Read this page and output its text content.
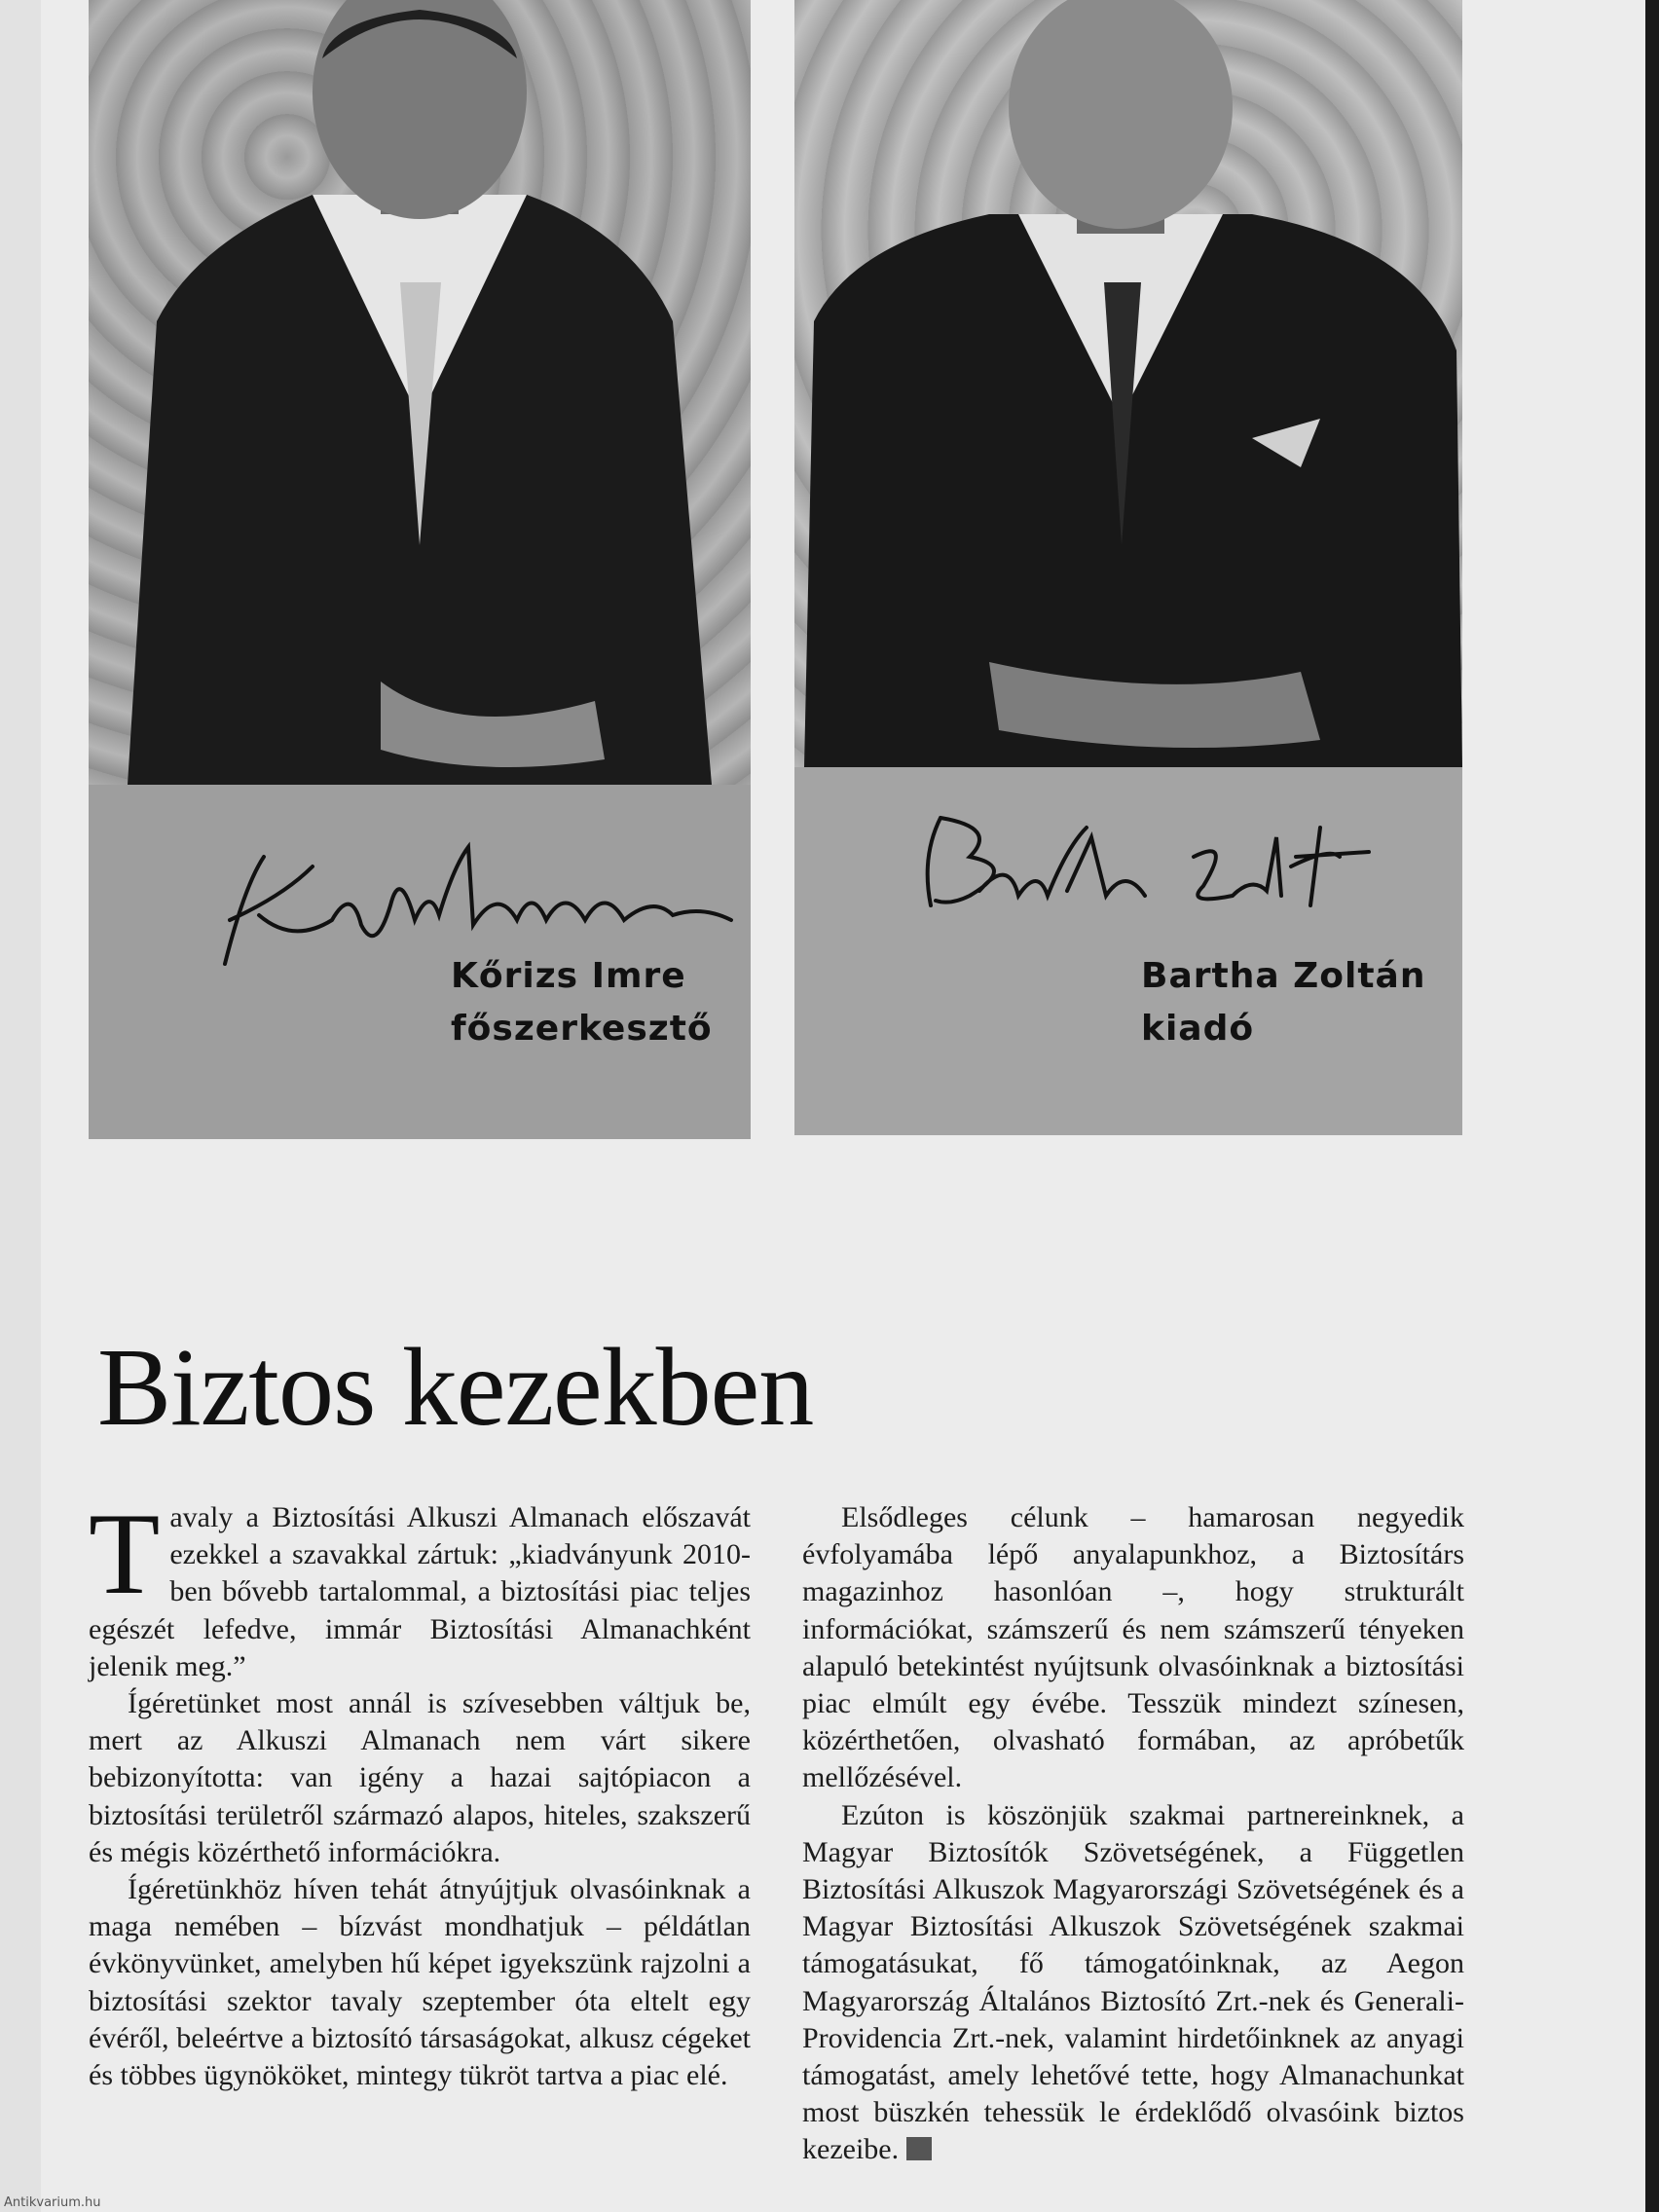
Kőrizs Imre
főszerkesztő
Bartha Zoltán
kiadó
Biztos kezekben

Tavaly a Biztosítási Alkuszi Almanach előszavát ezekkel a szavakkal zártuk: „kiadványunk 2010-ben bővebb tartalommal, a biztosítási piac teljes egészét lefedve, immár Biztosítási Almanachként jelenik meg.”

Ígéretünket most annál is szívesebben váltjuk be, mert az Alkuszi Almanach nem várt sikere bebizonyította: van igény a hazai sajtópiacon a biztosítási területről származó alapos, hiteles, szakszerű és mégis közérthető információkra.

Ígéretünkhöz híven tehát átnyújtjuk olvasóinknak a maga nemében – bízvást mondhatjuk – példátlan évkönyvünket, amelyben hű képet igyekszünk rajzolni a biztosítási szektor tavaly szeptember óta eltelt egy évéről, beleértve a biztosító társaságokat, alkusz cégeket és többes ügynököket, mintegy tükröt tartva a piac elé.

Elsődleges célunk – hamarosan negyedik évfolyamába lépő anyalapunkhoz, a Biztosítárs magazinhoz hasonlóan –, hogy strukturált információkat, számszerű és nem számszerű tényeken alapuló betekintést nyújtsunk olvasóinknak a biztosítási piac elmúlt egy évébe. Tesszük mindezt színesen, közérthetően, olvasható formában, az apróbetűk mellőzésével.

Ezúton is köszönjük szakmai partnereinknek, a Magyar Biztosítók Szövetségének, a Független Biztosítási Alkuszok Magyarországi Szövetségének és a Magyar Biztosítási Alkuszok Szövetségének szakmai támogatásukat, fő támogatóinknak, az Aegon Magyarország Általános Biztosító Zrt.-nek és Generali-Providencia Zrt.-nek, valamint hirdetőinknek az anyagi támogatást, amely lehetővé tette, hogy Almanachunkat most büszkén tehessük le érdeklődő olvasóink biztos kezeibe.

Antikvarium.hu
